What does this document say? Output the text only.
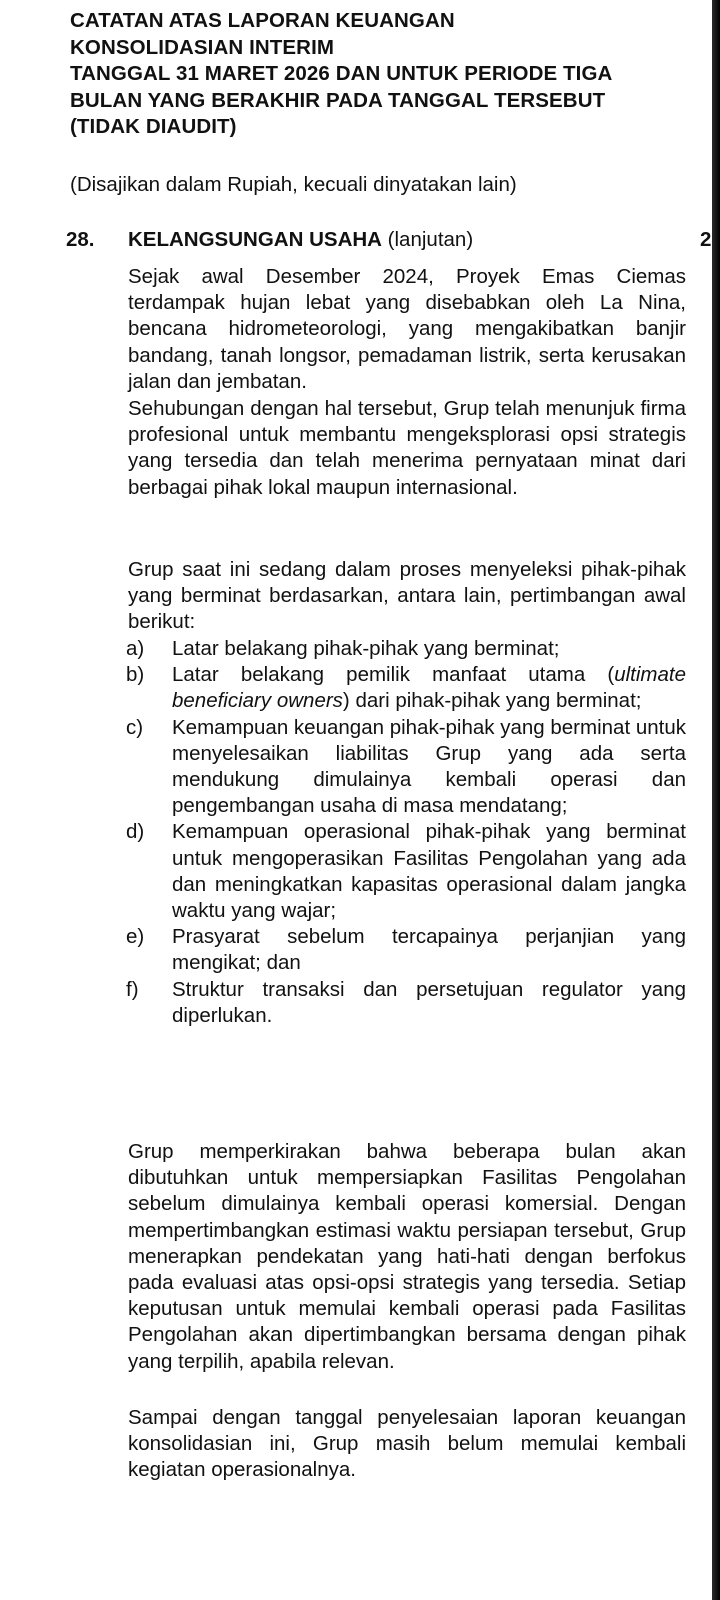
CATATAN ATAS LAPORAN KEUANGAN
KONSOLIDASIAN INTERIM
TANGGAL 31 MARET 2026 DAN UNTUK PERIODE TIGA
BULAN YANG BERAKHIR PADA TANGGAL TERSEBUT
(TIDAK DIAUDIT)
(Disajikan dalam Rupiah, kecuali dinyatakan lain)
28. KELANGSUNGAN USAHA (lanjutan)	2

Sejak awal Desember 2024, Proyek Emas Ciemas terdampak hujan lebat yang disebabkan oleh La Nina, bencana hidrometeorologi, yang mengakibatkan banjir bandang, tanah longsor, pemadaman listrik, serta kerusakan jalan dan jembatan.

Sehubungan dengan hal tersebut, Grup telah menunjuk firma profesional untuk membantu mengeksplorasi opsi strategis yang tersedia dan telah menerima pernyataan minat dari berbagai pihak lokal maupun internasional.

Grup saat ini sedang dalam proses menyeleksi pihak-pihak yang berminat berdasarkan, antara lain, pertimbangan awal berikut:

a)	Latar belakang pihak-pihak yang berminat;
b)	Latar belakang pemilik manfaat utama (ultimate beneficiary owners) dari pihak-pihak yang berminat;
c)	Kemampuan keuangan pihak-pihak yang berminat untuk menyelesaikan liabilitas Grup yang ada serta mendukung dimulainya kembali operasi dan pengembangan usaha di masa mendatang;
d)	Kemampuan operasional pihak-pihak yang berminat untuk mengoperasikan Fasilitas Pengolahan yang ada dan meningkatkan kapasitas operasional dalam jangka waktu yang wajar;
e)	Prasyarat sebelum tercapainya perjanjian yang mengikat; dan
f)	Struktur transaksi dan persetujuan regulator yang diperlukan.

Grup memperkirakan bahwa beberapa bulan akan dibutuhkan untuk mempersiapkan Fasilitas Pengolahan sebelum dimulainya kembali operasi komersial. Dengan mempertimbangkan estimasi waktu persiapan tersebut, Grup menerapkan pendekatan yang hati-hati dengan berfokus pada evaluasi atas opsi-opsi strategis yang tersedia. Setiap keputusan untuk memulai kembali operasi pada Fasilitas Pengolahan akan dipertimbangkan bersama dengan pihak yang terpilih, apabila relevan.

Sampai dengan tanggal penyelesaian laporan keuangan konsolidasian ini, Grup masih belum memulai kembali kegiatan operasionalnya.
